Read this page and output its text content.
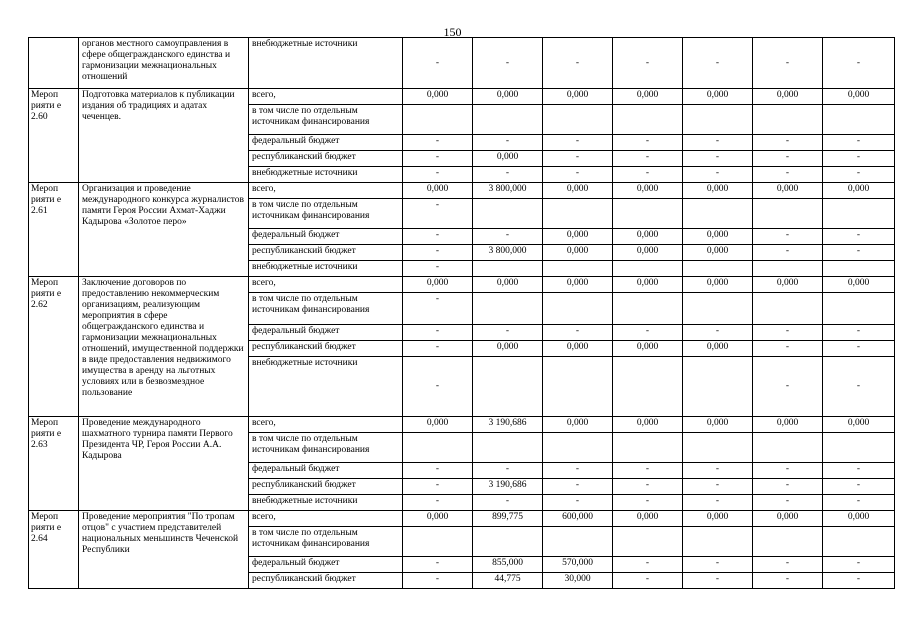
150
	органов местного самоуправления в сфере общегражданского единства и гармонизации межнациональных отношений	внебюджетные источники	-	-	-	-	-	-	-
Мероп рияти е 2.60	Подготовка материалов к публикации издания об традициях и адатах чеченцев.	всего,	0,000	0,000	0,000	0,000	0,000	0,000	0,000
		в том числе по отдельным источникам финансирования							
		федеральный бюджет	-	-	-	-	-	-	-
		республиканский бюджет	-	0,000	-	-	-	-	-
		внебюджетные источники	-	-	-	-	-	-	-
Мероп рияти е 2.61	Организация и проведение международного конкурса журналистов памяти Героя России Ахмат-Хаджи Кадырова «Золотое перо»	всего,	0,000	3 800,000	0,000	0,000	0,000	0,000	0,000
		в том числе по отдельным источникам финансирования	-						
		федеральный бюджет	-	-	0,000	0,000	0,000	-	-
		республиканский бюджет	-	3 800,000	0,000	0,000	0,000	-	-
		внебюджетные источники	-						
Мероп рияти е 2.62	Заключение договоров по предоставлению некоммерческим организациям, реализующим мероприятия в сфере общегражданского единства и гармонизации межнациональных отношений, имущественной поддержки в виде предоставления недвижимого имущества в аренду на льготных условиях или в безвозмездное пользование	всего,	0,000	0,000	0,000	0,000	0,000	0,000	0,000
		в том числе по отдельным источникам финансирования	-						
		федеральный бюджет	-	-	-	-	-	-	-
		республиканский бюджет	-	0,000	0,000	0,000	0,000	-	-
		внебюджетные источники	-					-	-
Мероп рияти е 2.63	Проведение международного шахматного турнира памяти Первого Президента ЧР, Героя России А.А. Кадырова	всего,	0,000	3 190,686	0,000	0,000	0,000	0,000	0,000
		в том числе по отдельным источникам финансирования							
		федеральный бюджет	-	-	-	-	-	-	-
		республиканский бюджет	-	3 190,686	-	-	-	-	-
		внебюджетные источники	-	-	-	-	-	-	-
Мероп рияти е 2.64	Проведение мероприятия "По тропам отцов" с участием представителей национальных меньшинств Чеченской Республики	всего,	0,000	899,775	600,000	0,000	0,000	0,000	0,000
		в том числе по отдельным источникам финансирования							
		федеральный бюджет	-	855,000	570,000	-	-	-	-
		республиканский бюджет	-	44,775	30,000	-	-	-	-
